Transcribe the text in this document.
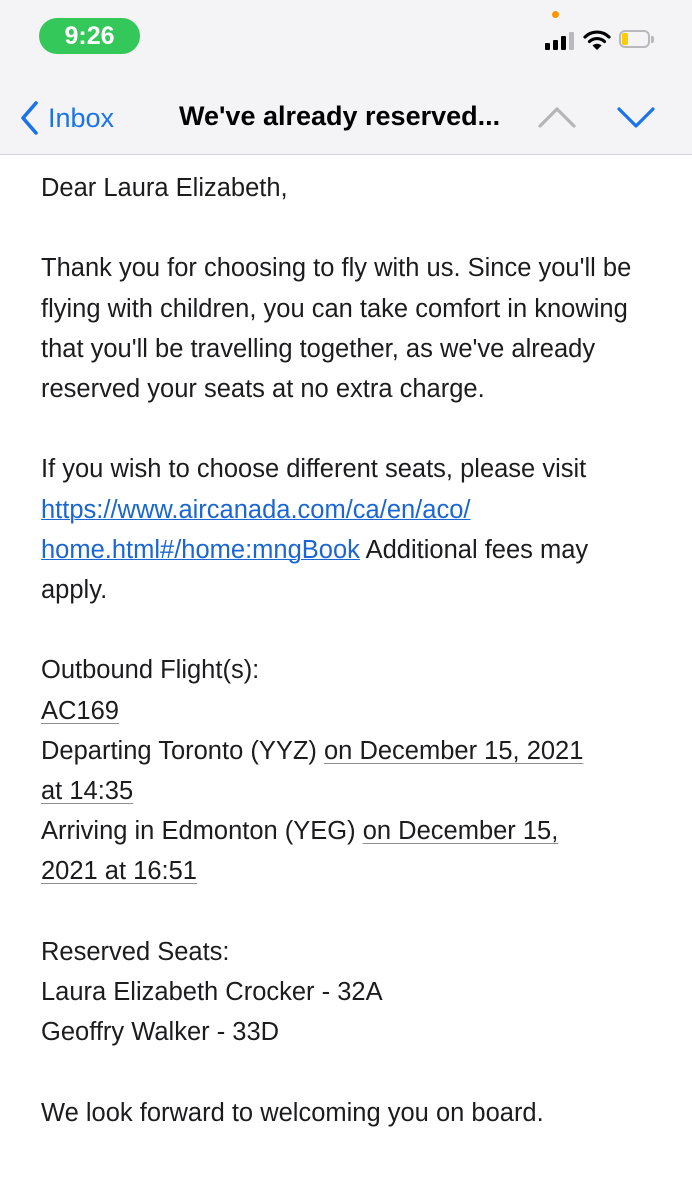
9:26
Inbox We've already reserved...

Dear Laura Elizabeth,

Thank you for choosing to fly with us. Since you'll be flying with children, you can take comfort in knowing that you'll be travelling together, as we've already reserved your seats at no extra charge.

If you wish to choose different seats, please visit https://www.aircanada.com/ca/en/aco/
home.html#/home:mngBook Additional fees may apply.

Outbound Flight(s):
AC169
Departing Toronto (YYZ) on December 15, 2021
at 14:35
Arriving in Edmonton (YEG) on December 15,
2021 at 16:51

Reserved Seats:
Laura Elizabeth Crocker - 32A
Geoffry Walker - 33D

We look forward to welcoming you on board.
